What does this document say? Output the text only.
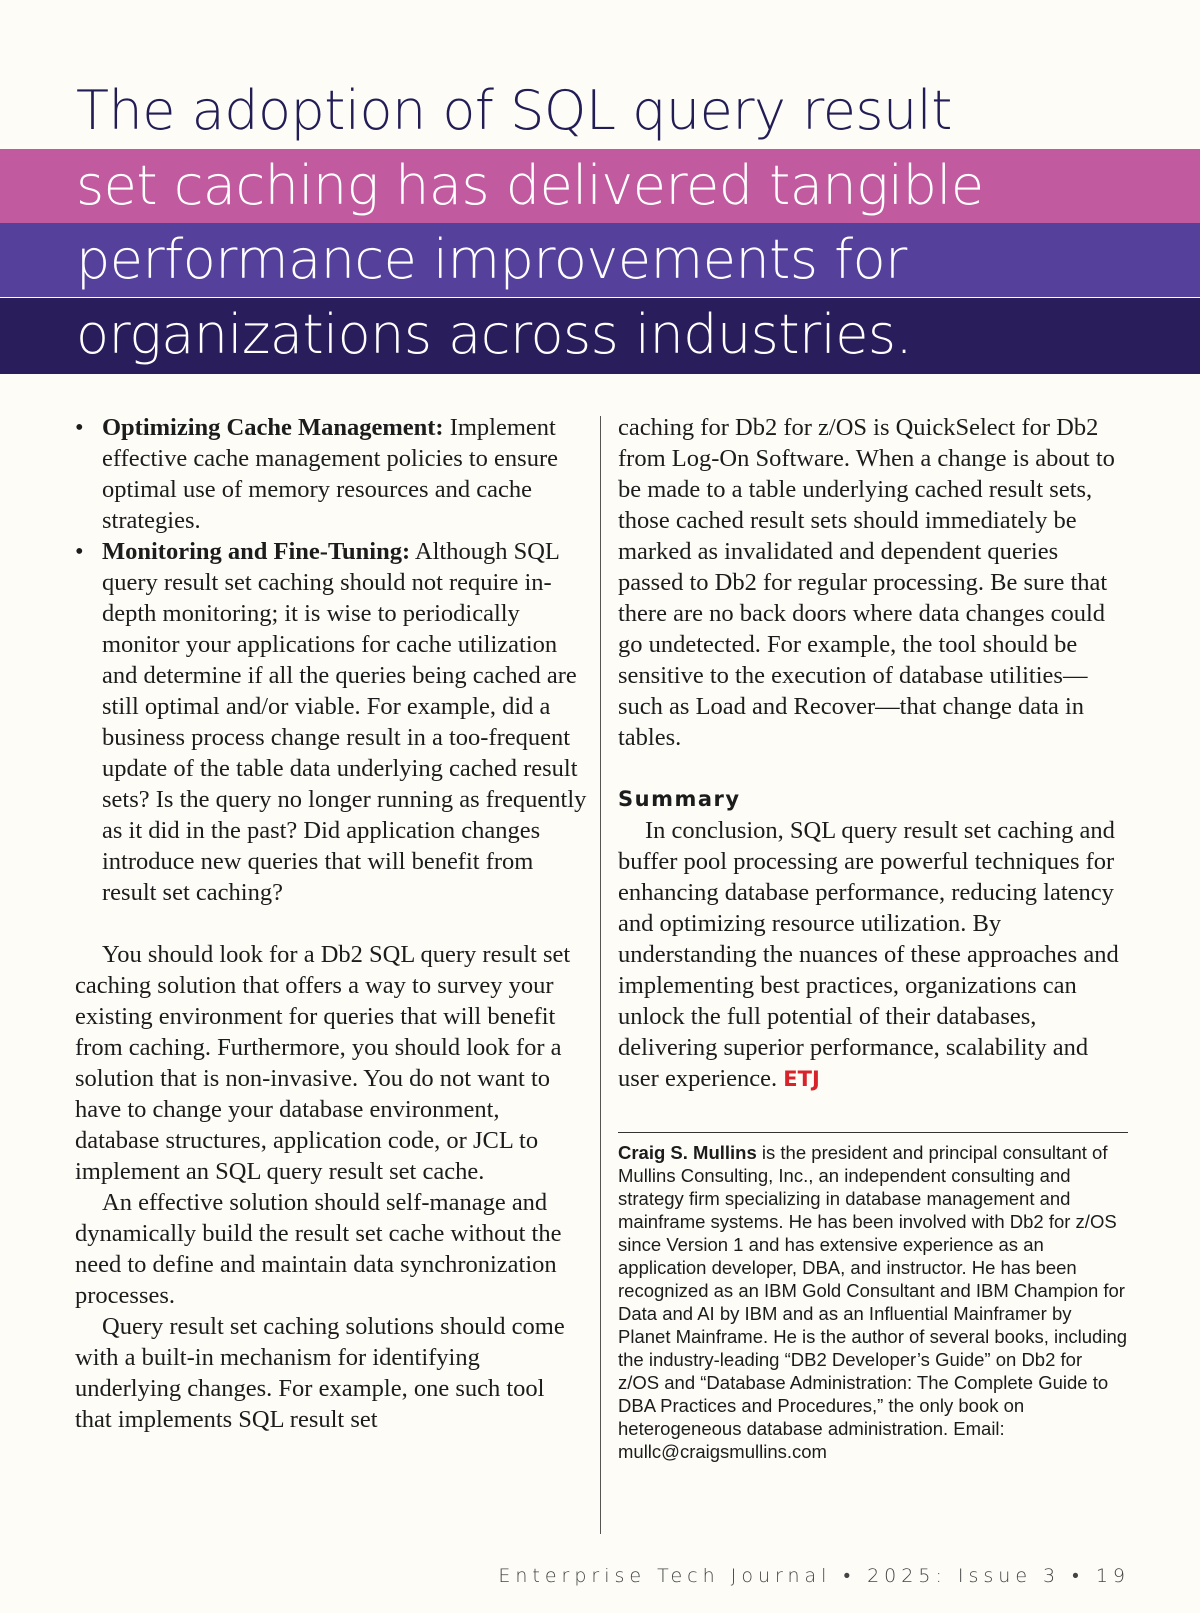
The adoption of SQL query result
set caching has delivered tangible
performance improvements for
organizations across industries.
• Optimizing Cache Management: Implement effective cache management policies to ensure optimal use of memory resources and cache strategies.
• Monitoring and Fine-Tuning: Although SQL query result set caching should not require in-depth monitoring; it is wise to periodically monitor your applications for cache utilization and determine if all the queries being cached are still optimal and/or viable. For example, did a business process change result in a too-frequent update of the table data underlying cached result sets? Is the query no longer running as frequently as it did in the past? Did application changes introduce new queries that will benefit from result set caching?

You should look for a Db2 SQL query result set caching solution that offers a way to survey your existing environment for queries that will benefit from caching. Furthermore, you should look for a solution that is non-invasive. You do not want to have to change your database environment, database structures, application code, or JCL to implement an SQL query result set cache.

An effective solution should self-manage and dynamically build the result set cache without the need to define and maintain data synchronization processes.

Query result set caching solutions should come with a built-in mechanism for identifying underlying changes. For example, one such tool that implements SQL result set

caching for Db2 for z/OS is QuickSelect for Db2 from Log-On Software. When a change is about to be made to a table underlying cached result sets, those cached result sets should immediately be marked as invalidated and dependent queries passed to Db2 for regular processing. Be sure that there are no back doors where data changes could go undetected. For example, the tool should be sensitive to the execution of database utilities—such as Load and Recover—that change data in tables.

Summary

In conclusion, SQL query result set caching and buffer pool processing are powerful techniques for enhancing database performance, reducing latency and optimizing resource utilization. By understanding the nuances of these approaches and implementing best practices, organizations can unlock the full potential of their databases, delivering superior performance, scalability and user experience. ETJ

Craig S. Mullins is the president and principal consultant of Mullins Consulting, Inc., an independent consulting and strategy firm specializing in database management and mainframe systems. He has been involved with Db2 for z/OS since Version 1 and has extensive experience as an application developer, DBA, and instructor. He has been recognized as an IBM Gold Consultant and IBM Champion for Data and AI by IBM and as an Influential Mainframer by Planet Mainframe. He is the author of several books, including the industry-leading “DB2 Developer’s Guide” on Db2 for z/OS and “Database Administration: The Complete Guide to DBA Practices and Procedures,” the only book on heterogeneous database administration. Email: mullc@craigsmullins.com

Enterprise Tech Journal • 2025: Issue 3 • 19
